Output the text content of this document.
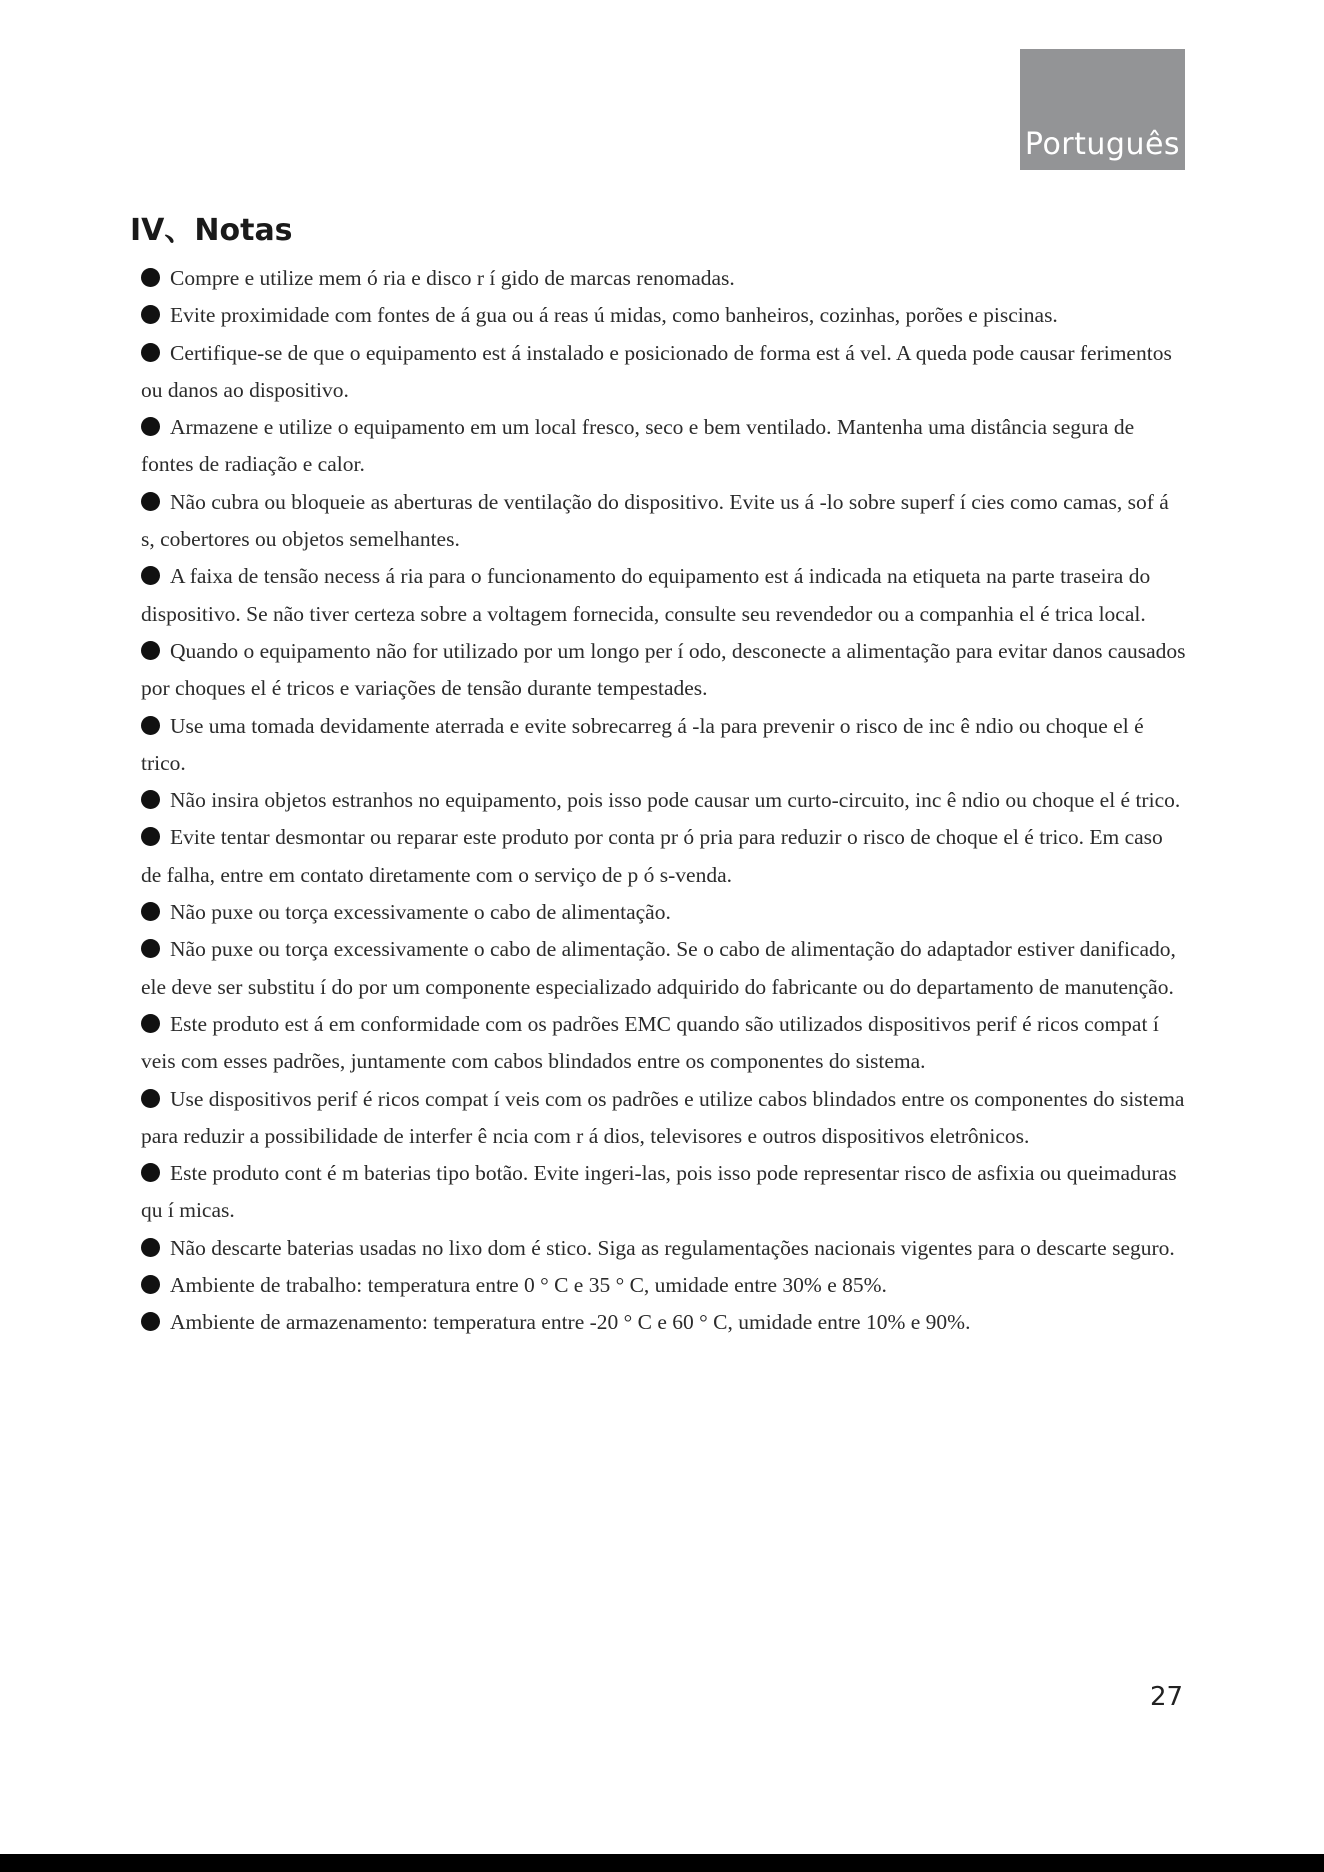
Português
IV、Notas
Compre e utilize mem ó ria e disco r í gido de marcas renomadas.
Evite proximidade com fontes de á gua ou á reas ú midas, como banheiros, cozinhas, porões e piscinas.
Certifique-se de que o equipamento est á instalado e posicionado de forma est á vel. A queda pode causar ferimentos ou danos ao dispositivo.
Armazene e utilize o equipamento em um local fresco, seco e bem ventilado. Mantenha uma distância segura de fontes de radiação e calor.
Não cubra ou bloqueie as aberturas de ventilação do dispositivo. Evite us á -lo sobre superf í cies como camas, sof á s, cobertores ou objetos semelhantes.
A faixa de tensão necess á ria para o funcionamento do equipamento est á indicada na etiqueta na parte traseira do dispositivo. Se não tiver certeza sobre a voltagem fornecida, consulte seu revendedor ou a companhia el é trica local.
Quando o equipamento não for utilizado por um longo per í odo, desconecte a alimentação para evitar danos causados por choques el é tricos e variações de tensão durante tempestades.
Use uma tomada devidamente aterrada e evite sobrecarreg á -la para prevenir o risco de inc ê ndio ou choque el é trico.
Não insira objetos estranhos no equipamento, pois isso pode causar um curto-circuito, inc ê ndio ou choque el é trico.
Evite tentar desmontar ou reparar este produto por conta pr ó pria para reduzir o risco de choque el é trico. Em caso de falha, entre em contato diretamente com o serviço de p ó s-venda.
Não puxe ou torça excessivamente o cabo de alimentação.
Não puxe ou torça excessivamente o cabo de alimentação. Se o cabo de alimentação do adaptador estiver danificado, ele deve ser substitu í do por um componente especializado adquirido do fabricante ou do departamento de manutenção.
Este produto est á em conformidade com os padrões EMC quando são utilizados dispositivos perif é ricos compat í veis com esses padrões, juntamente com cabos blindados entre os componentes do sistema.
Use dispositivos perif é ricos compat í veis com os padrões e utilize cabos blindados entre os componentes do sistema para reduzir a possibilidade de interfer ê ncia com r á dios, televisores e outros dispositivos eletrônicos.
Este produto cont é m baterias tipo botão. Evite ingeri-las, pois isso pode representar risco de asfixia ou queimaduras qu í micas.
Não descarte baterias usadas no lixo dom é stico. Siga as regulamentações nacionais vigentes para o descarte seguro.
Ambiente de trabalho: temperatura entre 0 ° C e 35 ° C, umidade entre 30% e 85%.
Ambiente de armazenamento: temperatura entre -20 ° C e 60 ° C, umidade entre 10% e 90%.
27
